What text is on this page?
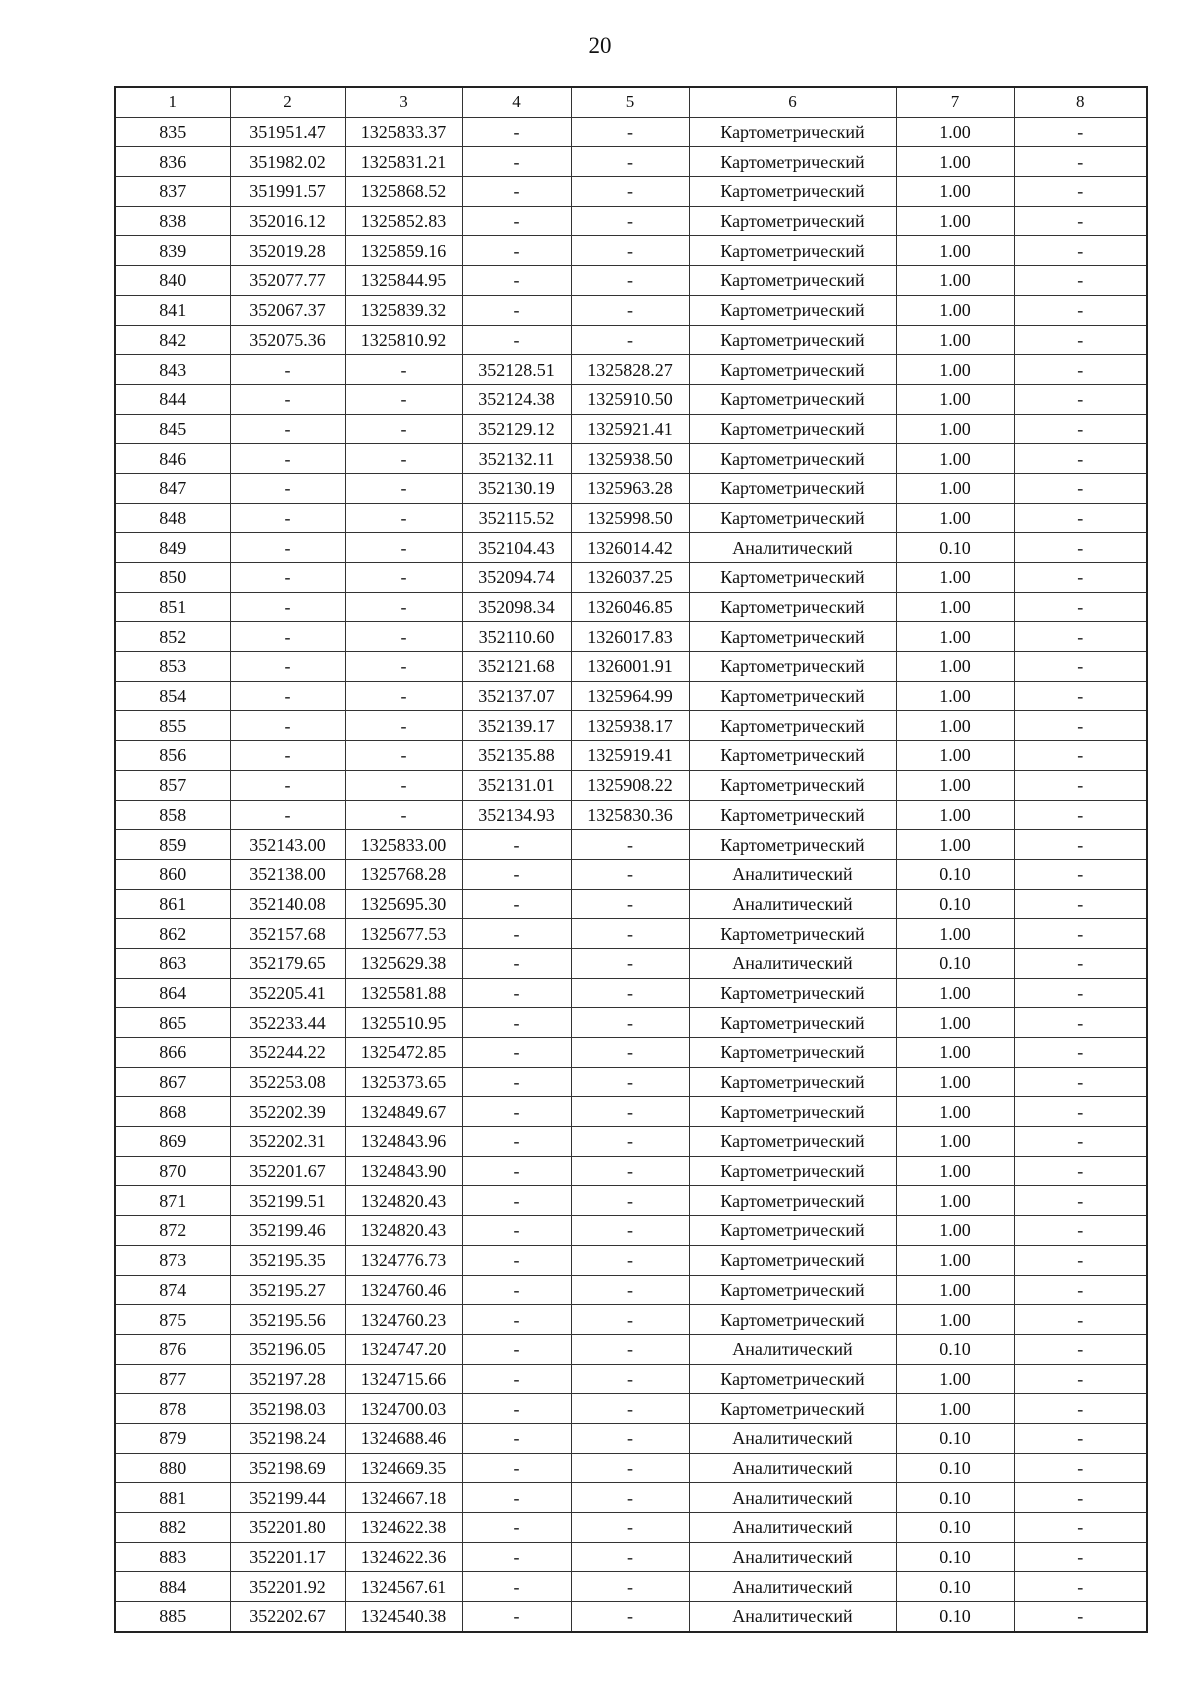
20
1	2	3	4	5	6	7	8
835	351951.47	1325833.37	-	-	Картометрический	1.00	-
836	351982.02	1325831.21	-	-	Картометрический	1.00	-
837	351991.57	1325868.52	-	-	Картометрический	1.00	-
838	352016.12	1325852.83	-	-	Картометрический	1.00	-
839	352019.28	1325859.16	-	-	Картометрический	1.00	-
840	352077.77	1325844.95	-	-	Картометрический	1.00	-
841	352067.37	1325839.32	-	-	Картометрический	1.00	-
842	352075.36	1325810.92	-	-	Картометрический	1.00	-
843	-	-	352128.51	1325828.27	Картометрический	1.00	-
844	-	-	352124.38	1325910.50	Картометрический	1.00	-
845	-	-	352129.12	1325921.41	Картометрический	1.00	-
846	-	-	352132.11	1325938.50	Картометрический	1.00	-
847	-	-	352130.19	1325963.28	Картометрический	1.00	-
848	-	-	352115.52	1325998.50	Картометрический	1.00	-
849	-	-	352104.43	1326014.42	Аналитический	0.10	-
850	-	-	352094.74	1326037.25	Картометрический	1.00	-
851	-	-	352098.34	1326046.85	Картометрический	1.00	-
852	-	-	352110.60	1326017.83	Картометрический	1.00	-
853	-	-	352121.68	1326001.91	Картометрический	1.00	-
854	-	-	352137.07	1325964.99	Картометрический	1.00	-
855	-	-	352139.17	1325938.17	Картометрический	1.00	-
856	-	-	352135.88	1325919.41	Картометрический	1.00	-
857	-	-	352131.01	1325908.22	Картометрический	1.00	-
858	-	-	352134.93	1325830.36	Картометрический	1.00	-
859	352143.00	1325833.00	-	-	Картометрический	1.00	-
860	352138.00	1325768.28	-	-	Аналитический	0.10	-
861	352140.08	1325695.30	-	-	Аналитический	0.10	-
862	352157.68	1325677.53	-	-	Картометрический	1.00	-
863	352179.65	1325629.38	-	-	Аналитический	0.10	-
864	352205.41	1325581.88	-	-	Картометрический	1.00	-
865	352233.44	1325510.95	-	-	Картометрический	1.00	-
866	352244.22	1325472.85	-	-	Картометрический	1.00	-
867	352253.08	1325373.65	-	-	Картометрический	1.00	-
868	352202.39	1324849.67	-	-	Картометрический	1.00	-
869	352202.31	1324843.96	-	-	Картометрический	1.00	-
870	352201.67	1324843.90	-	-	Картометрический	1.00	-
871	352199.51	1324820.43	-	-	Картометрический	1.00	-
872	352199.46	1324820.43	-	-	Картометрический	1.00	-
873	352195.35	1324776.73	-	-	Картометрический	1.00	-
874	352195.27	1324760.46	-	-	Картометрический	1.00	-
875	352195.56	1324760.23	-	-	Картометрический	1.00	-
876	352196.05	1324747.20	-	-	Аналитический	0.10	-
877	352197.28	1324715.66	-	-	Картометрический	1.00	-
878	352198.03	1324700.03	-	-	Картометрический	1.00	-
879	352198.24	1324688.46	-	-	Аналитический	0.10	-
880	352198.69	1324669.35	-	-	Аналитический	0.10	-
881	352199.44	1324667.18	-	-	Аналитический	0.10	-
882	352201.80	1324622.38	-	-	Аналитический	0.10	-
883	352201.17	1324622.36	-	-	Аналитический	0.10	-
884	352201.92	1324567.61	-	-	Аналитический	0.10	-
885	352202.67	1324540.38	-	-	Аналитический	0.10	-
